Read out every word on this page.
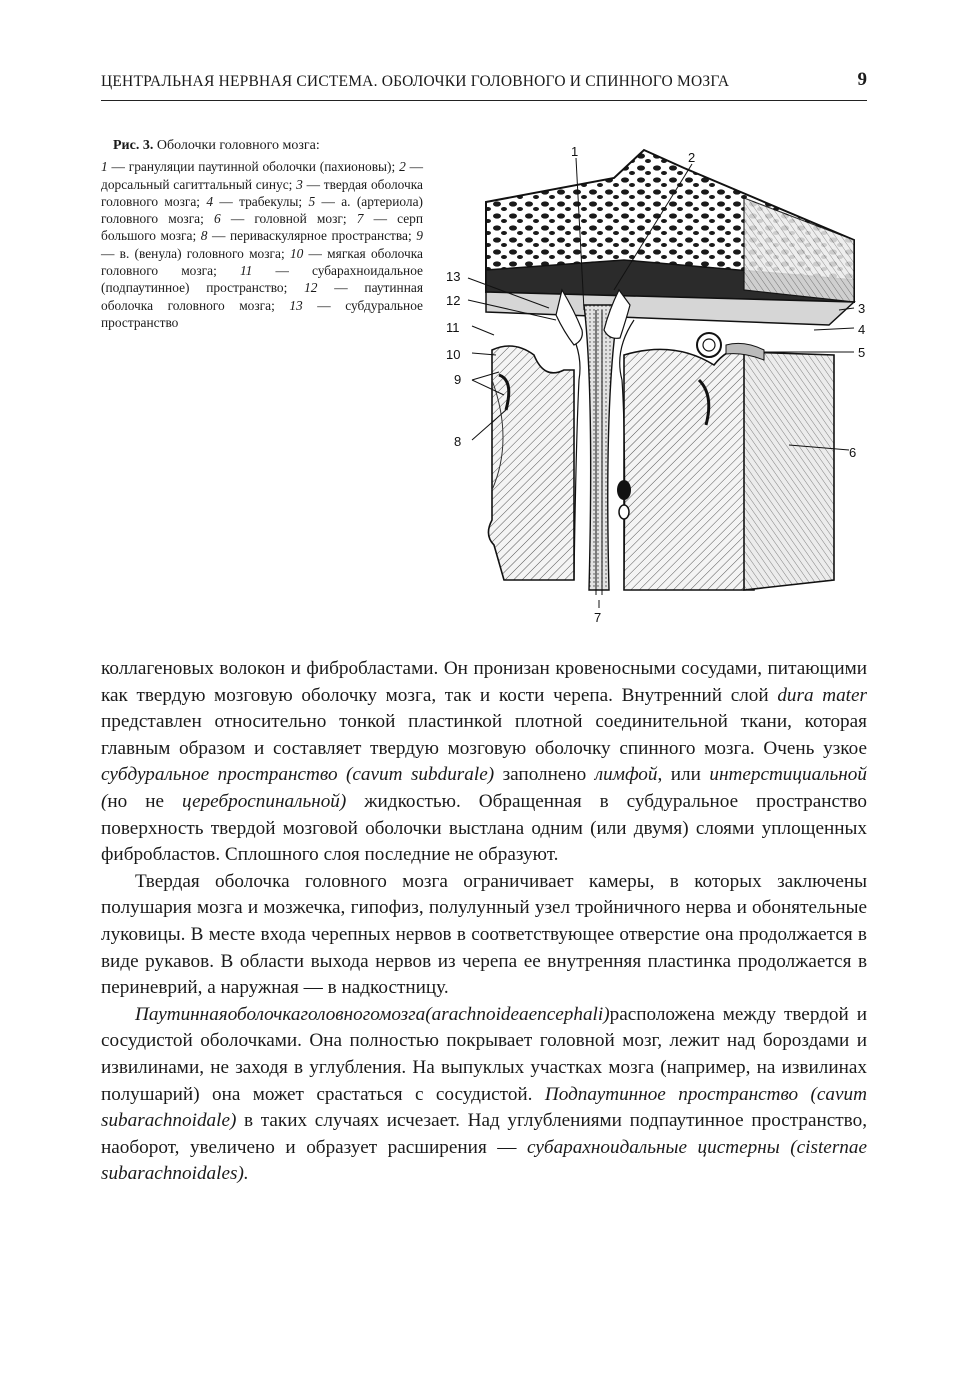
ЦЕНТРАЛЬНАЯ НЕРВНАЯ СИСТЕМА. ОБОЛОЧКИ ГОЛОВНОГО И СПИННОГО МОЗГА	9

Рис. 3. Оболочки головного мозга:

1 — грануляции паутинной оболочки (пахионовы); 2 — дорсальный сагиттальный синус; 3 — твердая оболочка головного мозга; 4 — трабекулы; 5 — а. (артериола) головного мозга; 6 — головной мозг; 7 — серп большого мозга; 8 — периваскулярное пространства; 9 — в. (венула) головного мозга; 10 — мягкая оболочка головного мозга; 11 — субарахноидальное (подпаутинное) пространство; 12 — паутинная оболочка головного мозга; 13 — субдуральное пространство

1	2
3
4
5
6
7
8
9
10
11
12
13

коллагеновых волокон и фибробластами. Он пронизан кровеносными сосудами, питающими как твердую мозговую оболочку мозга, так и кости черепа. Внутренний слой dura mater представлен относительно тонкой пластинкой плотной соединительной ткани, которая главным образом и составляет твердую мозговую оболочку спинного мозга. Очень узкое субдуральное пространство (cavum subdurale) заполнено лимфой, или интерстициальной (но не цереброспинальной) жидкостью. Обращенная в субдуральное пространство поверхность твердой мозговой оболочки выстлана одним (или двумя) слоями уплощенных фибробластов. Сплошного слоя последние не образуют.

Твердая оболочка головного мозга ограничивает камеры, в которых заключены полушария мозга и мозжечка, гипофиз, полулунный узел тройничного нерва и обонятельные луковицы. В месте входа черепных нервов в соответствующее отверстие она продолжается в виде рукавов. В области выхода нервов из черепа ее внутренняя пластинка продолжается в периневрий, а наружная — в надкостницу.

Паутиннаяоболочкаголовногомозга(arachnoideaencephali)расположена между твердой и сосудистой оболочками. Она полностью покрывает головной мозг, лежит над бороздами и извилинами, не заходя в углубления. На выпуклых участках мозга (например, на извилинах полушарий) она может срастаться с сосудистой. Подпаутинное пространство (cavum subarachnoidale) в таких случаях исчезает. Над углублениями подпаутинное пространство, наоборот, увеличено и образует расширения — субарахноидальные цистерны (cisternae subarachnoidales).
